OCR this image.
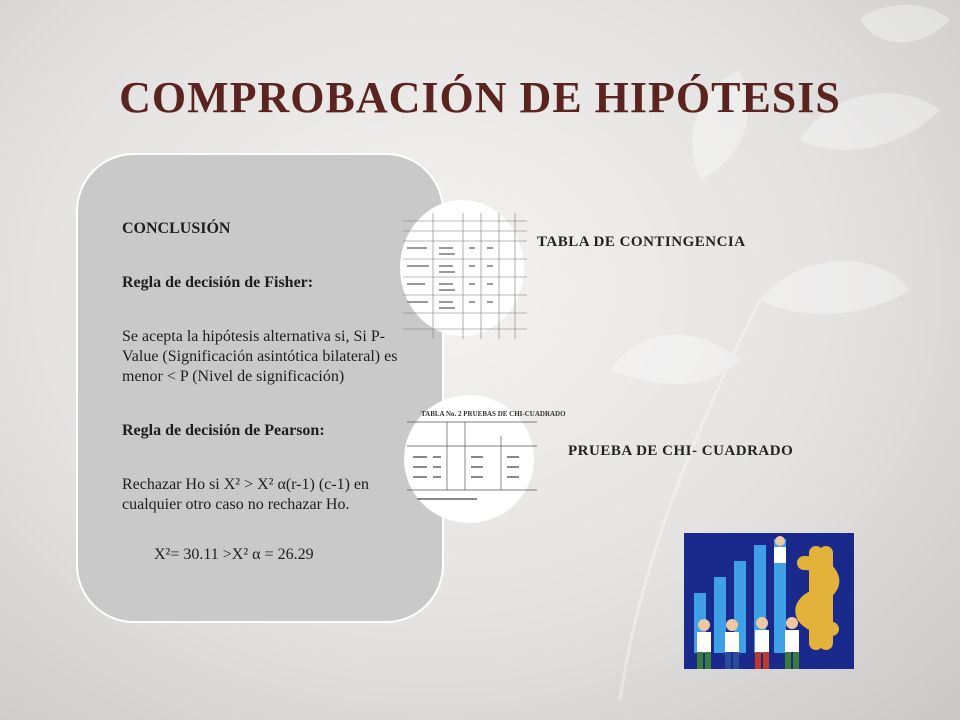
COMPROBACIÓN DE HIPÓTESIS

CONCLUSIÓN

Regla de decisión de Fisher:

Se acepta la hipótesis alternativa si, Si P-Value (Significación asintótica bilateral) es menor < P (Nivel de significación)

Regla de decisión de Pearson:

Rechazar Ho si X² > X² α(r-1) (c-1) en cualquier otro caso no rechazar Ho.

X²= 30.11 >X² α = 26.29

TABLA No. 2 PRUEBAS DE CHI-CUADRADO
TABLA DE CONTINGENCIA
PRUEBA DE CHI- CUADRADO
